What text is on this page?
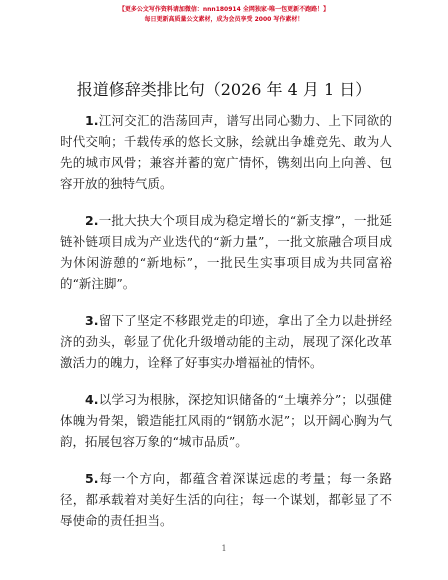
【更多公文写作资料请加微信：nnn180914 全网独家·唯一包更新不跑路！】
每日更新高质量公文素材，成为会员享受 2000 写作素材！
报道修辞类排比句（2026 年 4 月 1 日）

1.江河交汇的浩荡回声，谱写出同心勠力、上下同欲的时代交响；千载传承的悠长文脉，绘就出争雄竞先、敢为人先的城市风骨；兼容并蓄的宽广情怀，镌刻出向上向善、包容开放的独特气质。

2.一批大抉大个项目成为稳定增长的“新支撑”，一批延链补链项目成为产业迭代的“新力量”，一批文旅融合项目成为休闲游憩的“新地标”，一批民生实事项目成为共同富裕的“新注脚”。

3.留下了坚定不移跟党走的印迹，拿出了全力以赴拼经济的劲头，彰显了优化升级增动能的主动，展现了深化改革激活力的魄力，诠释了好事实办增福祉的情怀。

4.以学习为根脉，深挖知识储备的“土壤养分”；以强健体魄为骨架，锻造能扛风雨的“钢筋水泥”；以开阔心胸为气韵，拓展包容万象的“城市品质”。

5.每一个方向，都蕴含着深谋远虑的考量；每一条路径，都承载着对美好生活的向往；每一个谋划，都彰显了不辱使命的责任担当。

1
